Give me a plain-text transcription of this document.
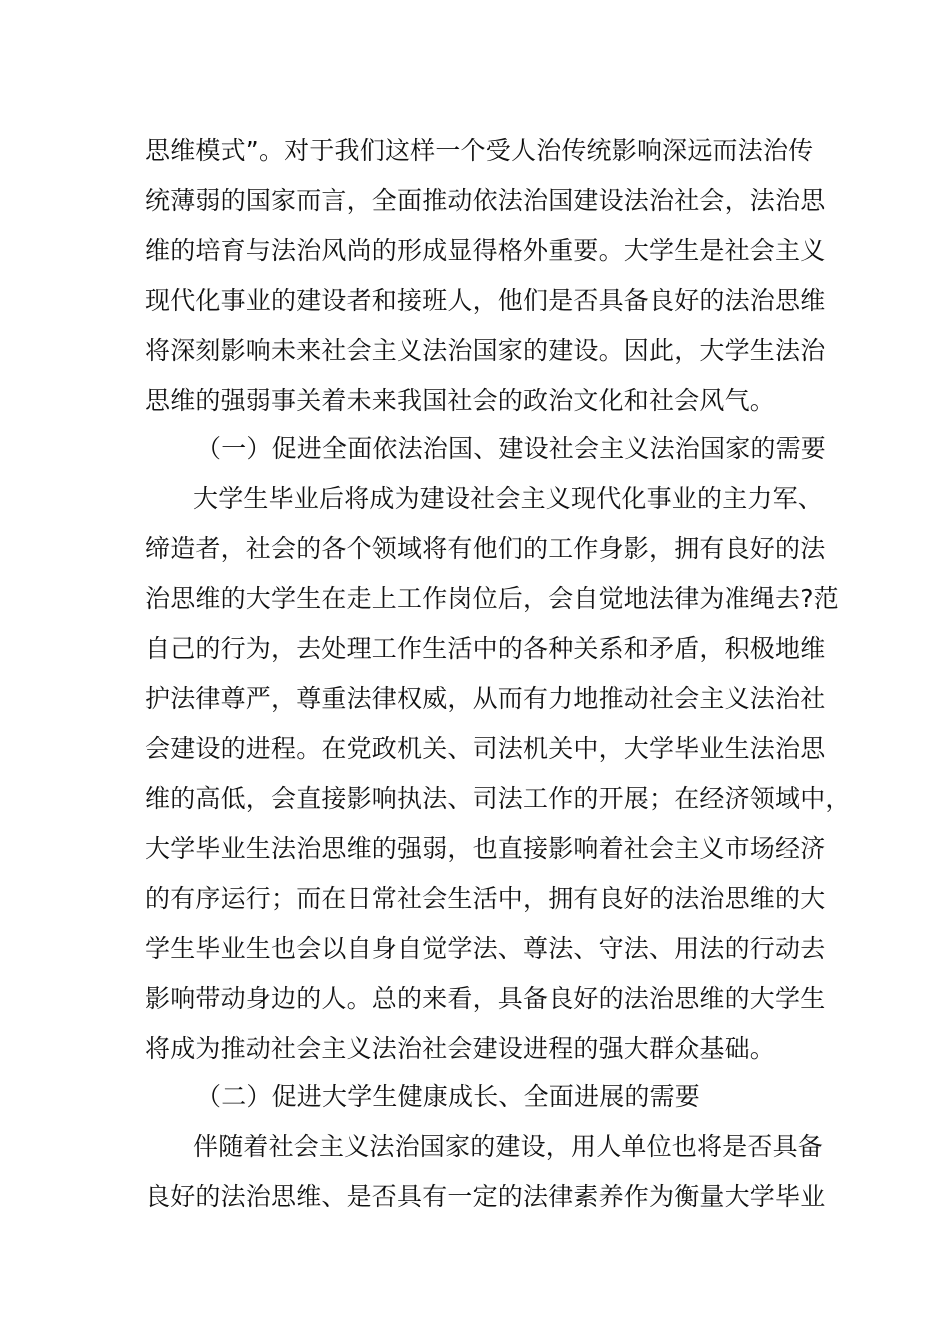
思维模式”。对于我们这样一个受人治传统影响深远而法治传
统薄弱的国家而言，全面推动依法治国建设法治社会，法治思
维的培育与法治风尚的形成显得格外重要。大学生是社会主义
现代化事业的建设者和接班人，他们是否具备良好的法治思维
将深刻影响未来社会主义法治国家的建设。因此，大学生法治
思维的强弱事关着未来我国社会的政治文化和社会风气。
（一）促进全面依法治国、建设社会主义法治国家的需要
大学生毕业后将成为建设社会主义现代化事业的主力军、
缔造者，社会的各个领域将有他们的工作身影，拥有良好的法
治思维的大学生在走上工作岗位后，会自觉地法律为准绳去?范
自己的行为，去处理工作生活中的各种关系和矛盾，积极地维
护法律尊严，尊重法律权威，从而有力地推动社会主义法治社
会建设的进程。在党政机关、司法机关中，大学毕业生法治思
维的高低，会直接影响执法、司法工作的开展；在经济领域中，
大学毕业生法治思维的强弱，也直接影响着社会主义市场经济
的有序运行；而在日常社会生活中，拥有良好的法治思维的大
学生毕业生也会以自身自觉学法、尊法、守法、用法的行动去
影响带动身边的人。总的来看，具备良好的法治思维的大学生
将成为推动社会主义法治社会建设进程的强大群众基础。
（二）促进大学生健康成长、全面进展的需要
伴随着社会主义法治国家的建设，用人单位也将是否具备
良好的法治思维、是否具有一定的法律素养作为衡量大学毕业
